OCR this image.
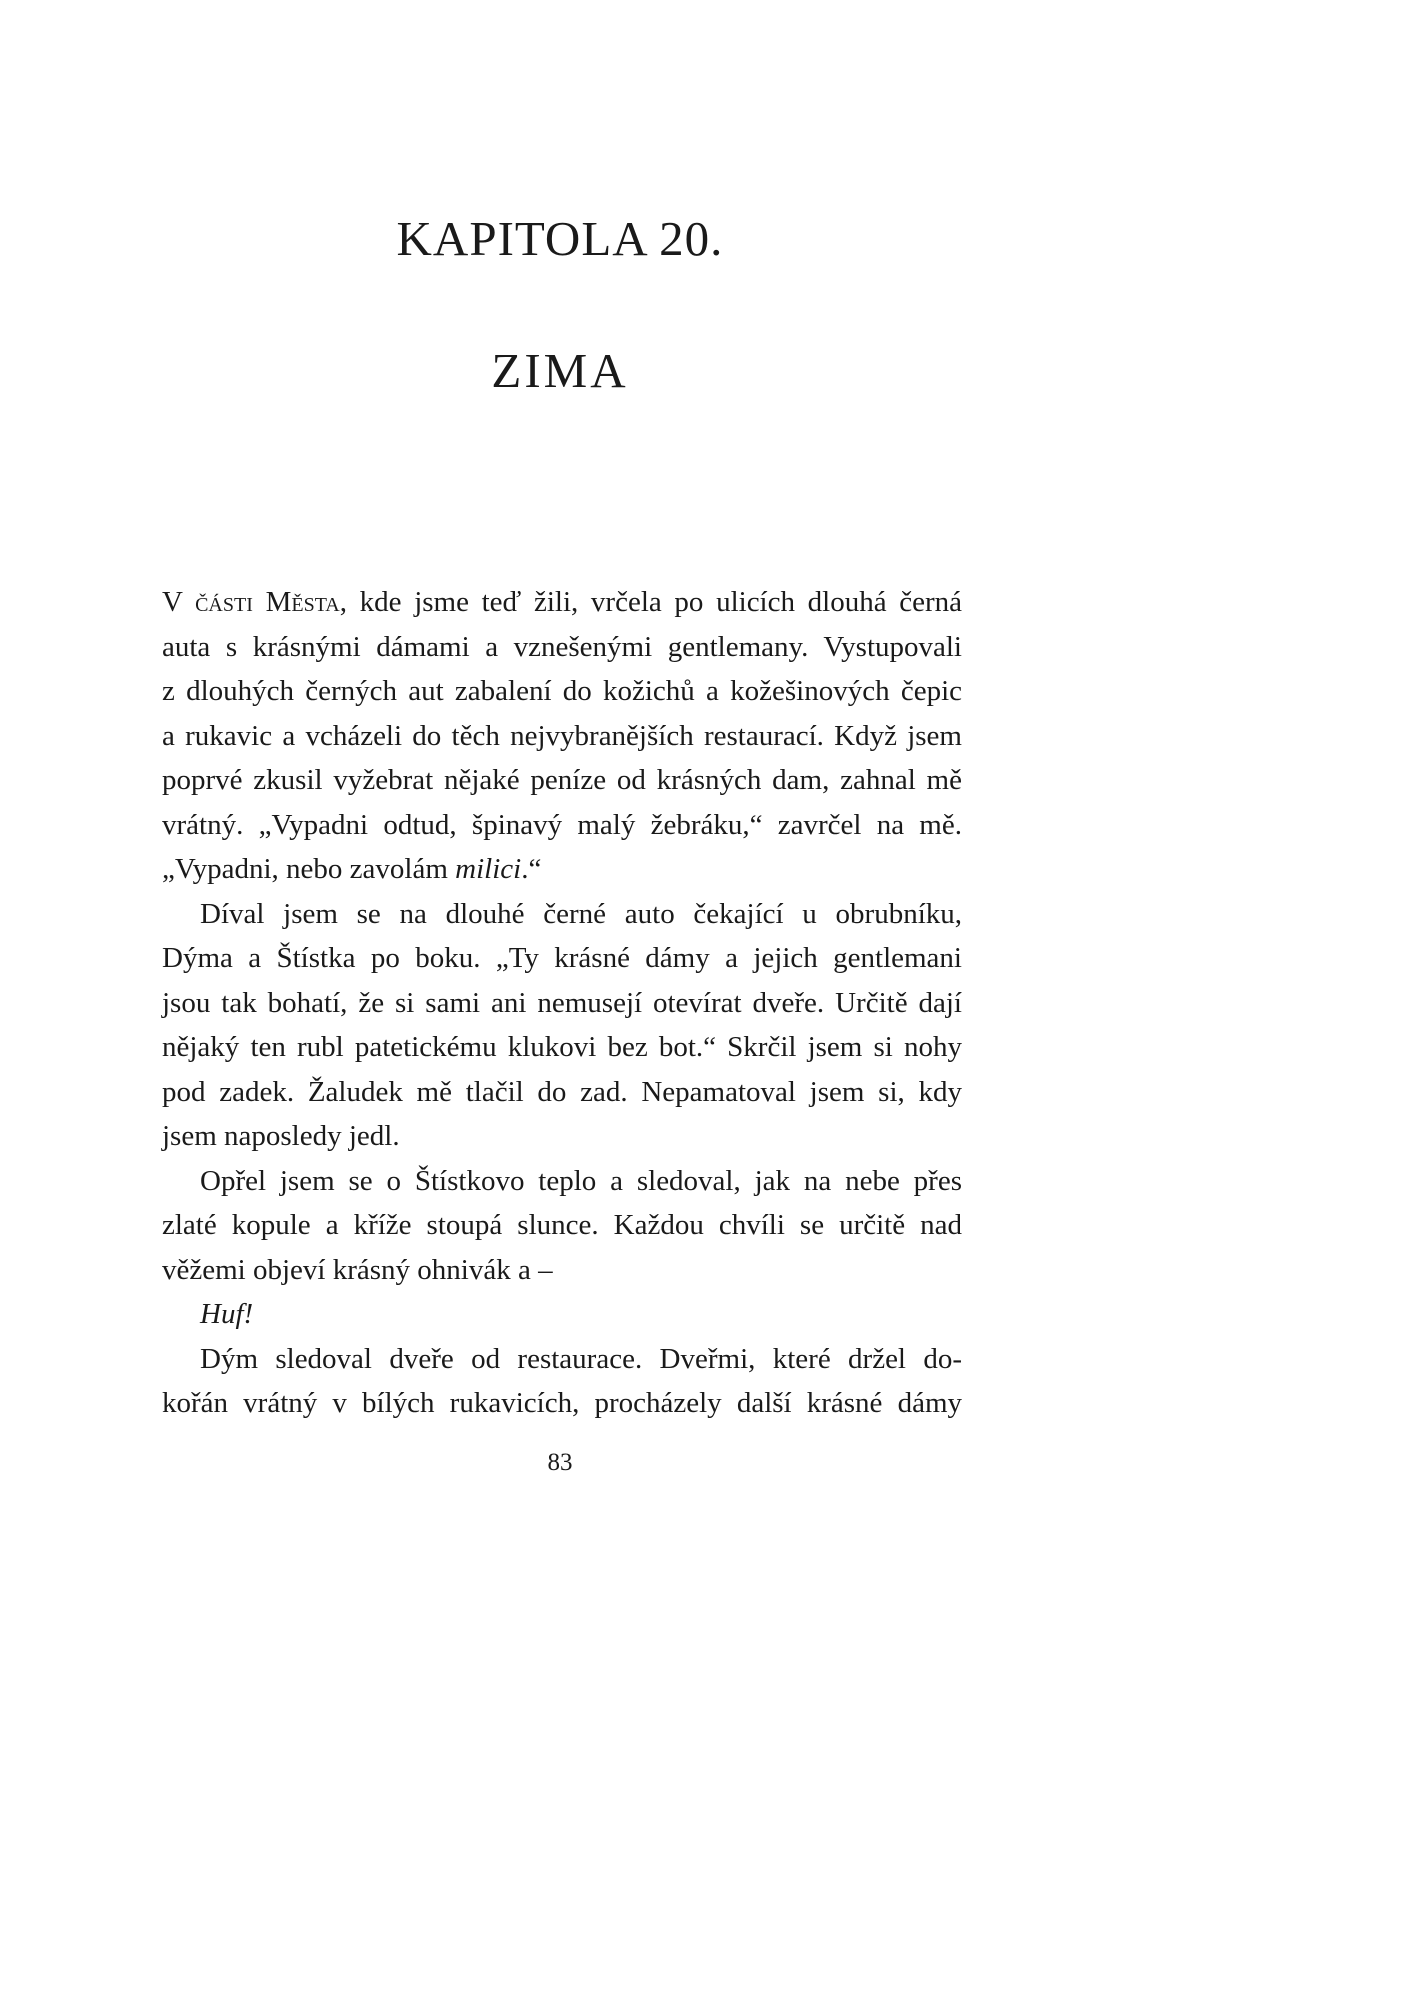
KAPITOLA 20.
ZIMA
V části Města, kde jsme teď žili, vrčela po ulicích dlouhá černá
auta s krásnými dámami a vznešenými gentlemany. Vystupovali
z dlouhých černých aut zabalení do kožichů a kožešinových čepic
a rukavic a vcházeli do těch nejvybranějších restaurací. Když jsem
poprvé zkusil vyžebrat nějaké peníze od krásných dam, zahnal mě
vrátný. „Vypadni odtud, špinavý malý žebráku,“ zavrčel na mě.
„Vypadni, nebo zavolám milici.“
Díval jsem se na dlouhé černé auto čekající u obrubníku,
Dýma a Štístka po boku. „Ty krásné dámy a jejich gentlemani
jsou tak bohatí, že si sami ani nemusejí otevírat dveře. Určitě dají
nějaký ten rubl patetickému klukovi bez bot.“ Skrčil jsem si nohy
pod zadek. Žaludek mě tlačil do zad. Nepamatoval jsem si, kdy
jsem naposledy jedl.
Opřel jsem se o Štístkovo teplo a sledoval, jak na nebe přes
zlaté kopule a kříže stoupá slunce. Každou chvíli se určitě nad
věžemi objeví krásný ohnivák a –
Huf!
Dým sledoval dveře od restaurace. Dveřmi, které držel do-
kořán vrátný v bílých rukavicích, procházely další krásné dámy
83
